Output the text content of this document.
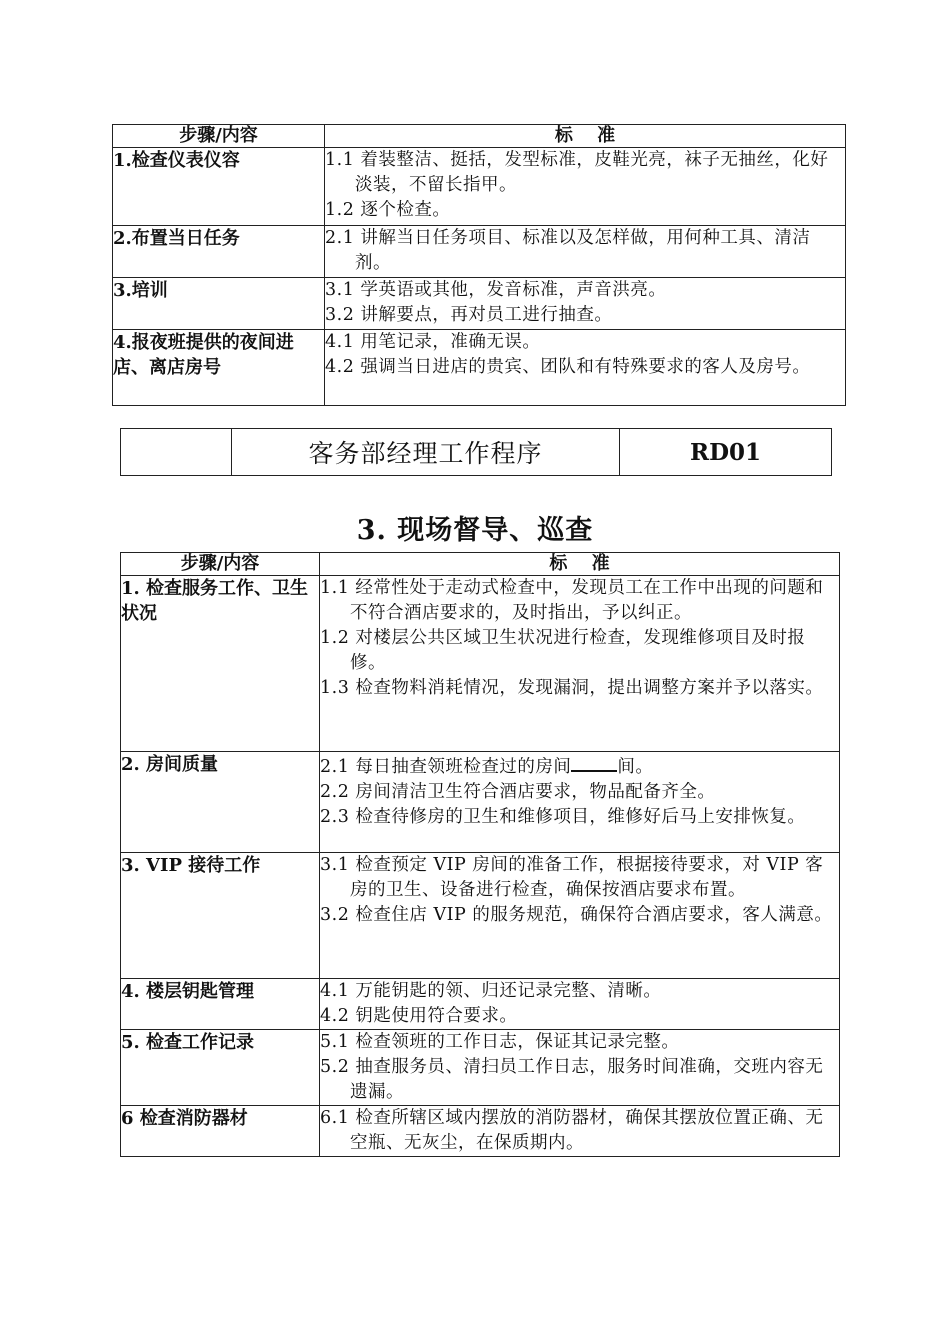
步骤/内容	标　 准
1.检查仪表仪容	1.1 着装整洁、挺括，发型标准，皮鞋光亮，袜子无抽丝，化好淡装，不留长指甲。
1.2 逐个检查。

2.布置当日任务	2.1 讲解当日任务项目、标准以及怎样做，用何种工具、清洁剂。

3.培训	3.1 学英语或其他，发音标准，声音洪亮。
3.2 讲解要点，再对员工进行抽查。

4.报夜班提供的夜间进店、离店房号	4.1 用笔记录，准确无误。
4.2 强调当日进店的贵宾、团队和有特殊要求的客人及房号。
	客务部经理工作程序	RD01
3. 现场督导、巡查
步骤/内容	标　 准
1. 检查服务工作、卫生状况	1.1 经常性处于走动式检查中，发现员工在工作中出现的问题和不符合酒店要求的，及时指出，予以纠正。
1.2 对楼层公共区域卫生状况进行检查，发现维修项目及时报修。
1.3 检查物料消耗情况，发现漏洞，提出调整方案并予以落实。

2. 房间质量	2.1 每日抽查领班检查过的房间 间。
2.2 房间清洁卫生符合酒店要求，物品配备齐全。
2.3 检查待修房的卫生和维修项目，维修好后马上安排恢复。

3. VIP 接待工作	3.1 检查预定 VIP 房间的准备工作，根据接待要求，对 VIP 客房的卫生、设备进行检查，确保按酒店要求布置。
3.2 检查住店 VIP 的服务规范，确保符合酒店要求，客人满意。

4. 楼层钥匙管理	4.1 万能钥匙的领、归还记录完整、清晰。
4.2 钥匙使用符合要求。

5. 检查工作记录	5.1 检查领班的工作日志，保证其记录完整。
5.2 抽查服务员、清扫员工作日志，服务时间准确，交班内容无遗漏。

6 检查消防器材	6.1 检查所辖区域内摆放的消防器材，确保其摆放位置正确、无空瓶、无灰尘，在保质期内。
